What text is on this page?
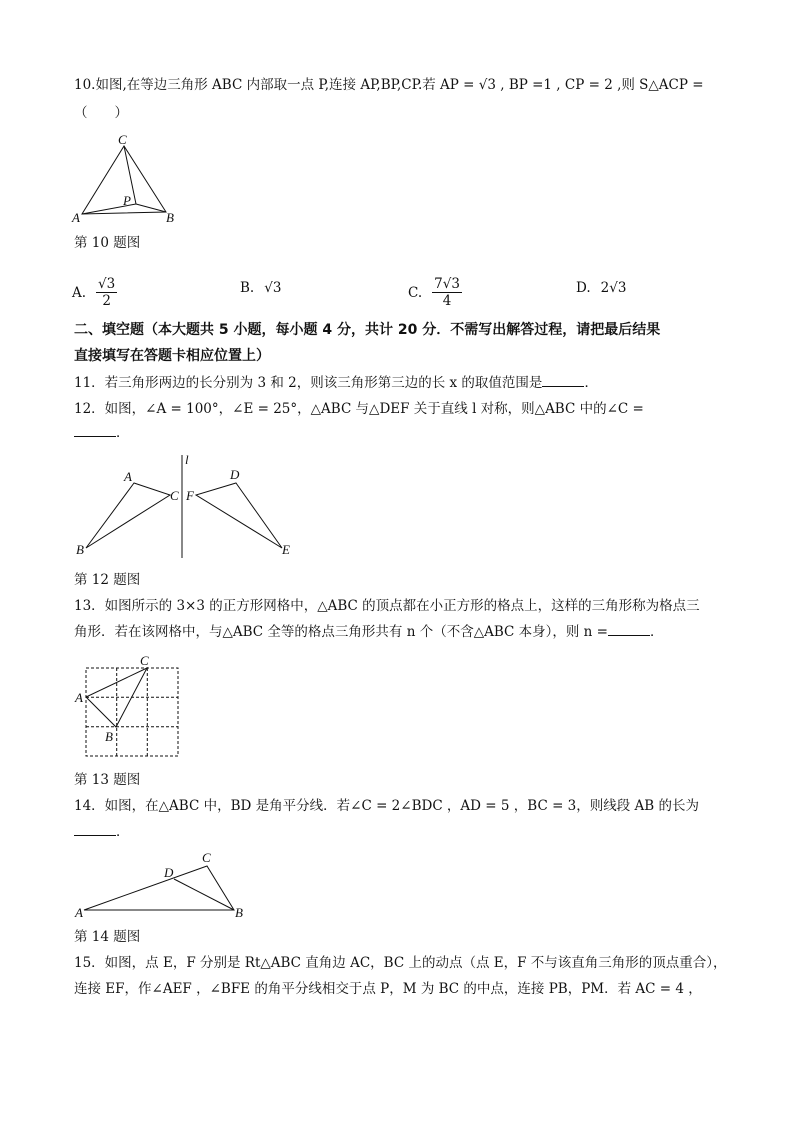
10.如图,在等边三角形 ABC 内部取一点 P,连接 AP,BP,CP.若 AP = √3 , BP =1 , CP = 2 ,则 S△ACP =
（　　）
C
A	B
P
A
B
C
D
E
F
l
C
A
B
C
D
A	B
第 10 题图
A. $\frac{√3}{2}$	B. √3	C. $\frac{7√3}{4}$	D. 2√3
二、填空题（本大题共 5 小题，每小题 4 分，共计 20 分．不需写出解答过程，请把最后结果
直接填写在答题卡相应位置上）
11．若三角形两边的长分别为 3 和 2，则该三角形第三边的长 x 的取值范围是	．
12．如图，∠A = 100°，∠E = 25°，△ABC 与△DEF 关于直线 l 对称，则△ABC 中的∠C =
．
第 12 题图
13．如图所示的 3×3 的正方形网格中，△ABC 的顶点都在小正方形的格点上，这样的三角形称为格点三
角形．若在该网格中，与△ABC 全等的格点三角形共有 n 个（不含△ABC 本身），则 n =	．
第 13 题图
14．如图，在△ABC 中，BD 是角平分线．若∠C = 2∠BDC ，AD = 5 ，BC = 3，则线段 AB 的长为
．
第 14 题图
15．如图，点 E，F 分别是 Rt△ABC 直角边 AC，BC 上的动点（点 E，F 不与该直角三角形的顶点重合），
连接 EF，作∠AEF ，∠BFE 的角平分线相交于点 P，M 为 BC 的中点，连接 PB，PM．若 AC = 4 ，
